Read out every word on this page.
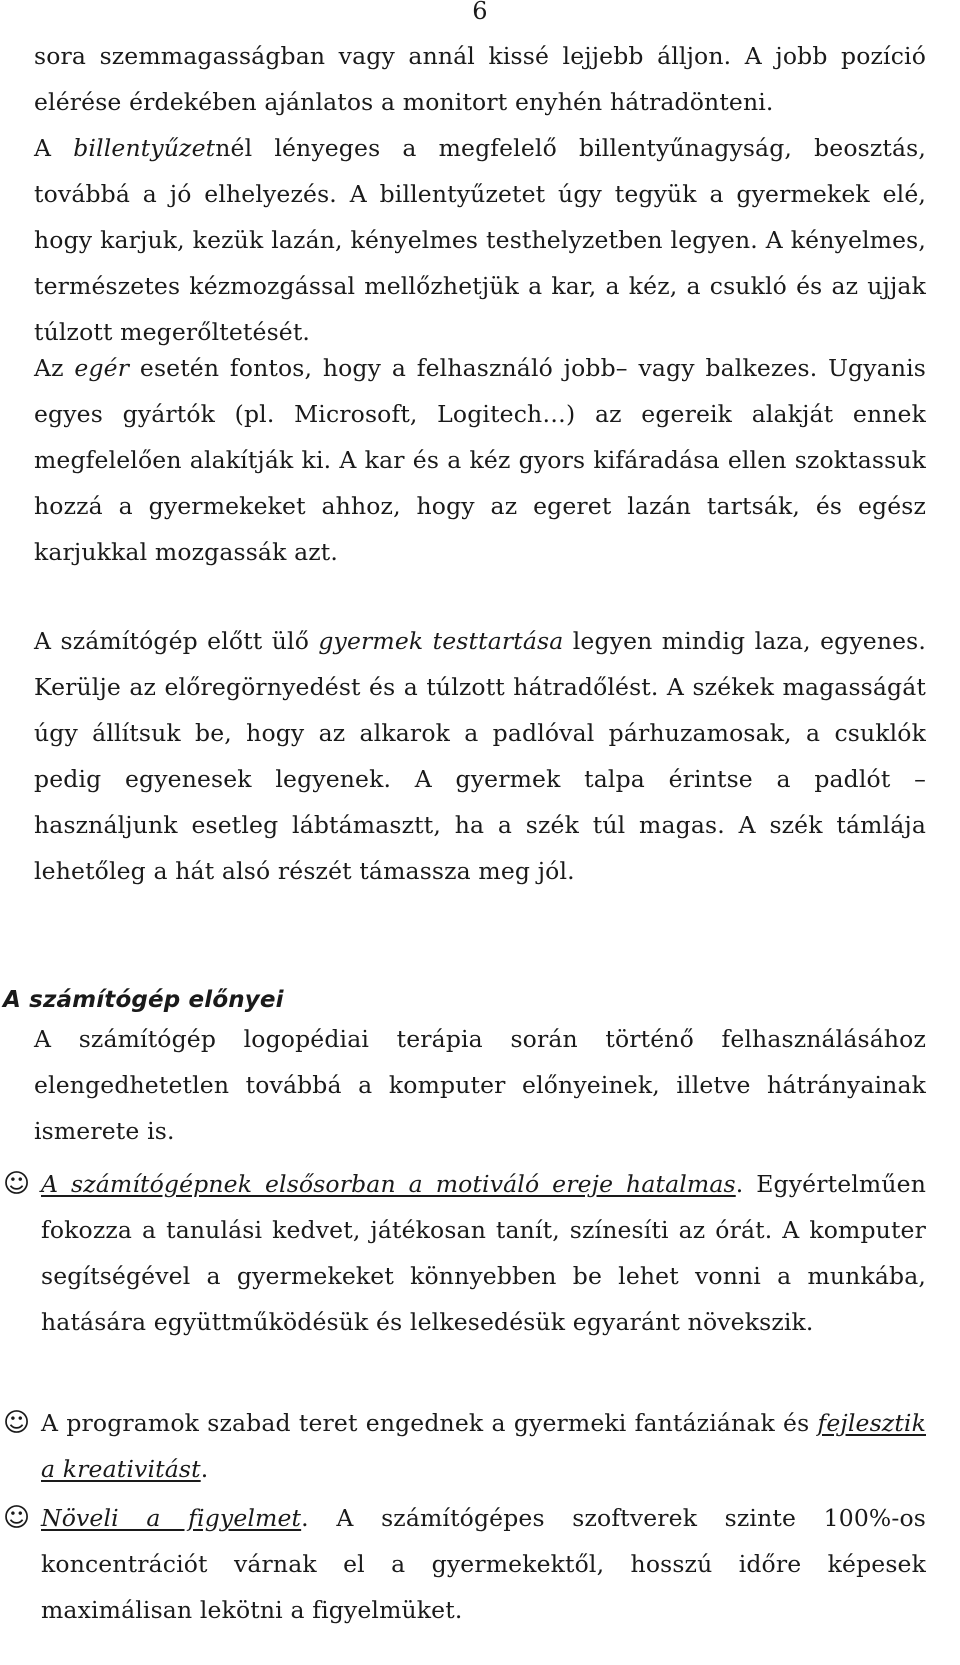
6

sora szemmagasságban vagy annál kissé lejjebb álljon. A jobb pozíció elérése érdekében ajánlatos a monitort enyhén hátradönteni.

A billentyűzetnél lényeges a megfelelő billentyűnagyság, beosztás, továbbá a jó elhelyezés. A billentyűzetet úgy tegyük a gyermekek elé, hogy karjuk, kezük lazán, kényelmes testhelyzetben legyen. A kényelmes, természetes kézmozgással mellőzhetjük a kar, a kéz, a csukló és az ujjak túlzott megerőltetését.

Az egér esetén fontos, hogy a felhasználó jobb– vagy balkezes. Ugyanis egyes gyártók (pl. Microsoft, Logitech…) az egereik alakját ennek megfelelően alakítják ki. A kar és a kéz gyors kifáradása ellen szoktassuk hozzá a gyermekeket ahhoz, hogy az egeret lazán tartsák, és egész karjukkal mozgassák azt.

A számítógép előtt ülő gyermek testtartása legyen mindig laza, egyenes. Kerülje az előregörnyedést és a túlzott hátradőlést. A székek magasságát úgy állítsuk be, hogy az alkarok a padlóval párhuzamosak, a csuklók pedig egyenesek legyenek. A gyermek talpa érintse a padlót – használjunk esetleg lábtámasztt, ha a szék túl magas. A szék támlája lehetőleg a hát alsó részét támassza meg jól.

A számítógép előnyei

A számítógép logopédiai terápia során történő felhasználásához elengedhetetlen továbbá a komputer előnyeinek, illetve hátrányainak ismerete is.

☺ A számítógépnek elsősorban a motiváló ereje hatalmas. Egyértelműen fokozza a tanulási kedvet, játékosan tanít, színesíti az órát. A komputer segítségével a gyermekeket könnyebben be lehet vonni a munkába, hatására együttműködésük és lelkesedésük egyaránt növekszik.

☺ A programok szabad teret engednek a gyermeki fantáziának és fejlesztik a kreativitást.

☺ Növeli a figyelmet. A számítógépes szoftverek szinte 100%-os koncentrációt várnak el a gyermekektől, hosszú időre képesek maximálisan lekötni a figyelmüket.
